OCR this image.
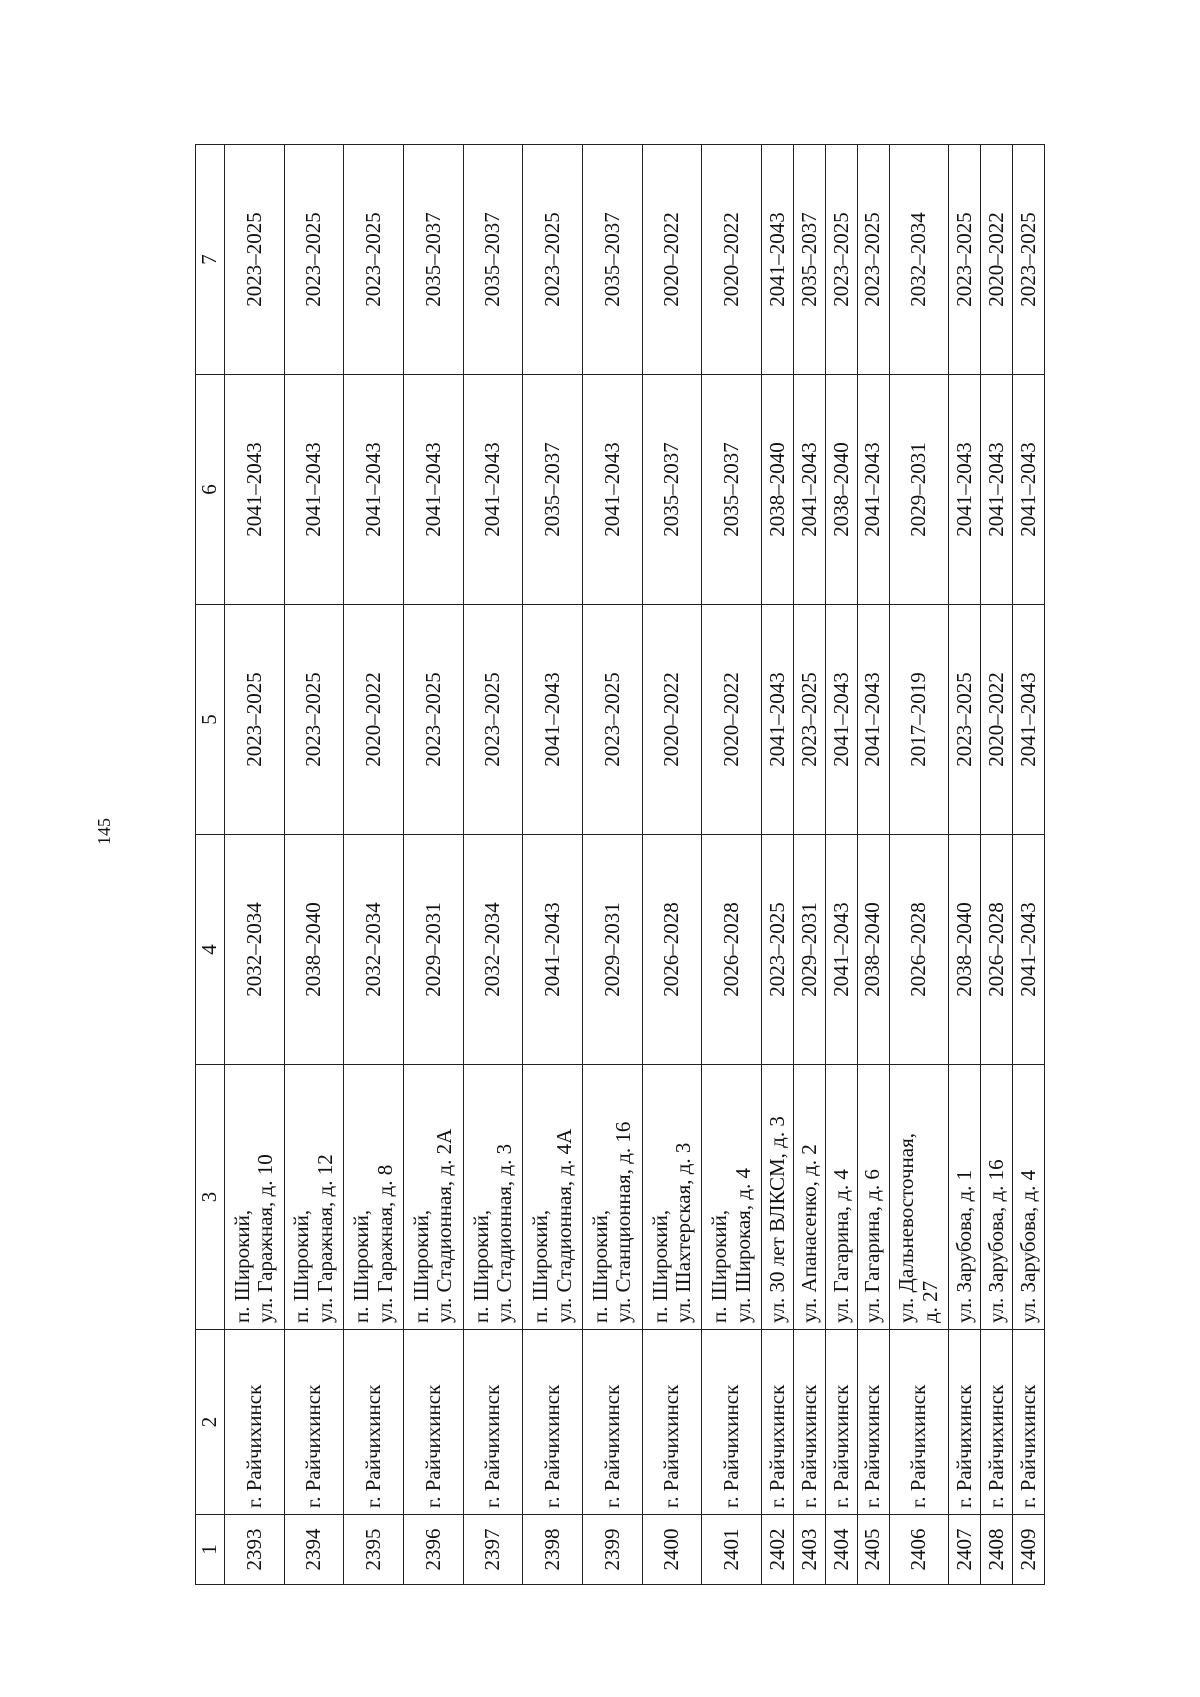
145
1	2	3	4	5	6	7
2393	г. Райчихинск	п. Широкий, ул. Гаражная, д. 10	2032–2034	2023–2025	2041–2043	2023–2025
2394	г. Райчихинск	п. Широкий, ул. Гаражная, д. 12	2038–2040	2023–2025	2041–2043	2023–2025
2395	г. Райчихинск	п. Широкий, ул. Гаражная, д. 8	2032–2034	2020–2022	2041–2043	2023–2025
2396	г. Райчихинск	п. Широкий, ул. Стадионная, д. 2А	2029–2031	2023–2025	2041–2043	2035–2037
2397	г. Райчихинск	п. Широкий, ул. Стадионная, д. 3	2032–2034	2023–2025	2041–2043	2035–2037
2398	г. Райчихинск	п. Широкий, ул. Стадионная, д. 4А	2041–2043	2041–2043	2035–2037	2023–2025
2399	г. Райчихинск	п. Широкий, ул. Станционная, д. 16	2029–2031	2023–2025	2041–2043	2035–2037
2400	г. Райчихинск	п. Широкий, ул. Шахтерская, д. 3	2026–2028	2020–2022	2035–2037	2020–2022
2401	г. Райчихинск	п. Широкий, ул. Широкая, д. 4	2026–2028	2020–2022	2035–2037	2020–2022
2402	г. Райчихинск	ул. 30 лет ВЛКСМ, д. 3	2023–2025	2041–2043	2038–2040	2041–2043
2403	г. Райчихинск	ул. Апанасенко, д. 2	2029–2031	2023–2025	2041–2043	2035–2037
2404	г. Райчихинск	ул. Гагарина, д. 4	2041–2043	2041–2043	2038–2040	2023–2025
2405	г. Райчихинск	ул. Гагарина, д. 6	2038–2040	2041–2043	2041–2043	2023–2025
2406	г. Райчихинск	ул. Дальневосточная, д. 27	2026–2028	2017–2019	2029–2031	2032–2034
2407	г. Райчихинск	ул. Зарубова, д. 1	2038–2040	2023–2025	2041–2043	2023–2025
2408	г. Райчихинск	ул. Зарубова, д. 16	2026–2028	2020–2022	2041–2043	2020–2022
2409	г. Райчихинск	ул. Зарубова, д. 4	2041–2043	2041–2043	2041–2043	2023–2025
